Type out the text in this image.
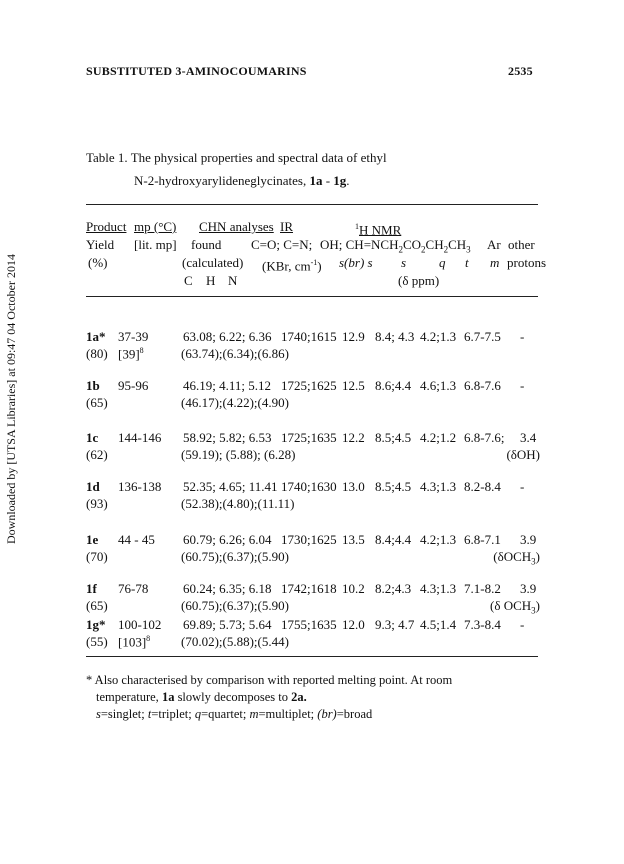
SUBSTITUTED 3-AMINOCOUMARINS	2535
Downloaded by [UTSA Libraries] at 09:47 04 October 2014
Table 1. The physical properties and spectral data of ethyl
N-2-hydroxyarylideneglycinates, 1a - 1g.
Product mp (°C) CHN analyses IR	$^1$H NMR
Yield [lit. mp] found C=O; C=N; OH; $CH=NCH_2CO_2CH_2CH_3$ Ar other
(%)	(calculated) (KBr, $cm^{-1}$) s(br) s s	q t m protons
C H N	(δ ppm)
1a* 37-39	63.08; 6.22; 6.36 1740;1615 12.9 8.4; 4.3 4.2;1.3 6.7-7.5 -
(80) $[39]^8$	(63.74);(6.34);(6.86)
1b 95-96	46.19; 4.11; 5.12 1725;1625 12.5 8.6;4.4 4.6;1.3 6.8-7.6 -
(65)	(46.17);(4.22);(4.90)
1c 144-146 58.92; 5.82; 6.53 1725;1635 12.2 8.5;4.5 4.2;1.2 6.8-7.6; 3.4
(62)	(59.19); (5.88); (6.28)	(δOH)
1d 136-138 52.35; 4.65; 11.41 1740;1630 13.0 8.5;4.5 4.3;1.3 8.2-8.4 -
(93)	(52.38);(4.80);(11.11)
1e 44 - 45 60.79; 6.26; 6.04 1730;1625 13.5 8.4;4.4 4.2;1.3 6.8-7.1 3.9
(70)	(60.75);(6.37);(5.90)	(δOCH$_3$)
1f 76-78	60.24; 6.35; 6.18 1742;1618 10.2 8.2;4.3 4.3;1.3 7.1-8.2 3.9
(65)	(60.75);(6.37);(5.90)	(δ $OCH_3$)
1g* 100-102 69.89; 5.73; 5.64 1755;1635 12.0 9.3; 4.7 4.5;1.4 7.3-8.4 -
(55) $[103]^8$ (70.02);(5.88);(5.44)
* Also characterised by comparison with reported melting point. At room
temperature, 1a slowly decomposes to 2a.
s=singlet; t=triplet; q=quartet; m=multiplet; (br)=broad
